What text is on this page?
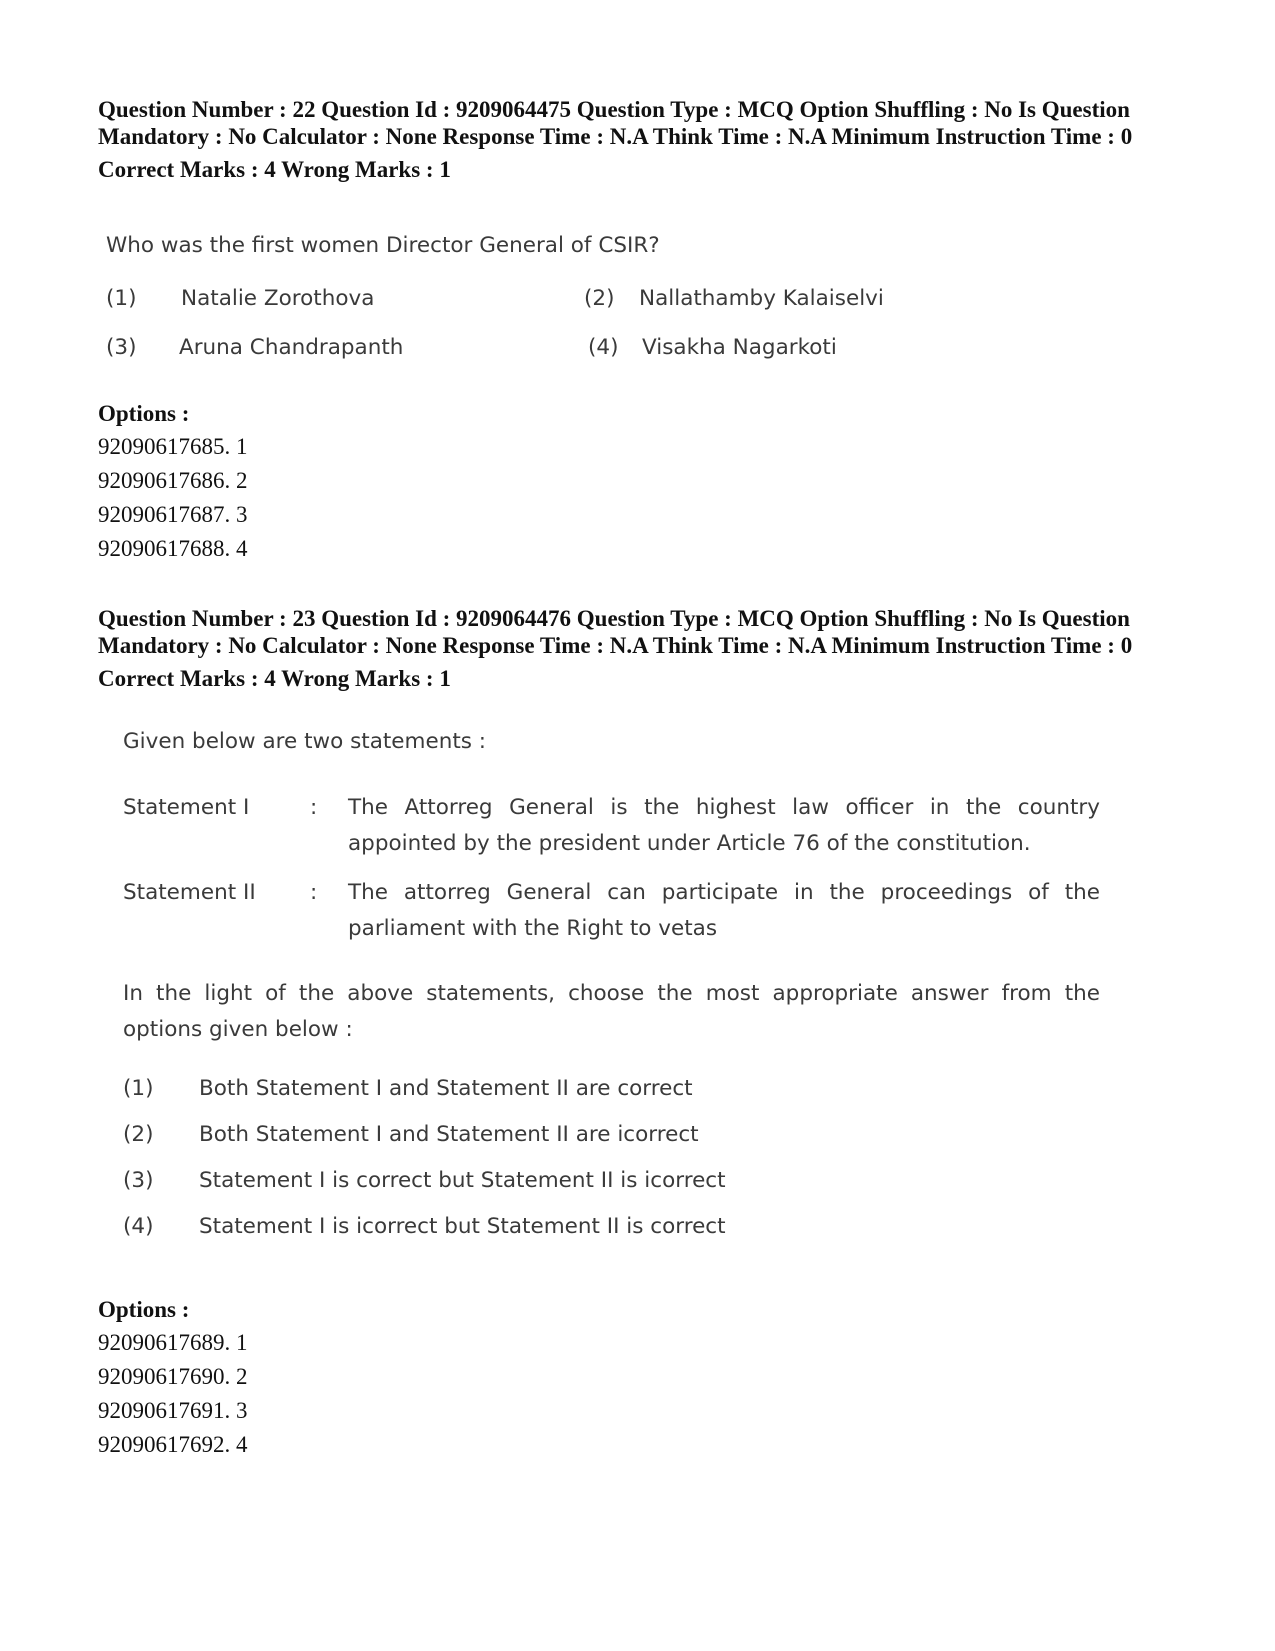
Question Number : 22 Question Id : 9209064475 Question Type : MCQ Option Shuffling : No Is Question Mandatory : No Calculator : None Response Time : N.A Think Time : N.A Minimum Instruction Time : 0

Correct Marks : 4 Wrong Marks : 1

Who was the first women Director General of CSIR?
(1) Natalie Zorothova	(2) Nallathamby Kalaiselvi
(3) Aruna Chandrapanth	(4) Visakha Nagarkoti
Options :
92090617685. 1
92090617686. 2
92090617687. 3
92090617688. 4

Question Number : 23 Question Id : 9209064476 Question Type : MCQ Option Shuffling : No Is Question Mandatory : No Calculator : None Response Time : N.A Think Time : N.A Minimum Instruction Time : 0

Correct Marks : 4 Wrong Marks : 1

Given below are two statements :
Statement I	: The Attorreg General is the highest law officer in the country appointed by the president under Article 76 of the constitution.
Statement II	: The attorreg General can participate in the proceedings of the parliament with the Right to vetas
In the light of the above statements, choose the most appropriate answer from the options given below :
(1) Both Statement I and Statement II are correct
(2) Both Statement I and Statement II are icorrect
(3) Statement I is correct but Statement II is icorrect
(4) Statement I is icorrect but Statement II is correct
Options :
92090617689. 1
92090617690. 2
92090617691. 3
92090617692. 4
